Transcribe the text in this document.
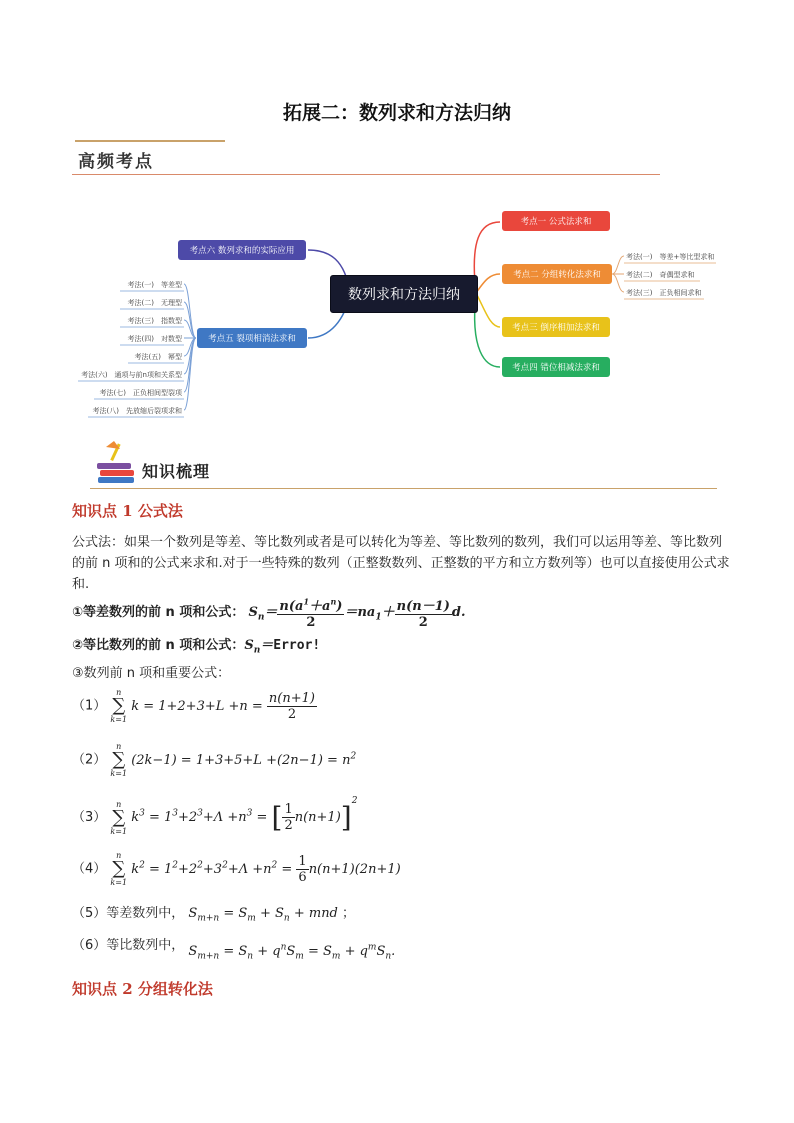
拓展二：数列求和方法归纳
高频考点
数列求和方法归纳
考点一 公式法求和
考点二 分组转化法求和
考点三 倒序相加法求和
考点四 错位相减法求和
考点六 数列求和的实际应用
考点五 裂项相消法求和
考法(一)　等差+等比型求和
考法(二)　奇偶型求和
考法(三)　正负相间求和
考法(一)　等差型
考法(二)　无理型
考法(三)　指数型
考法(四)　对数型
考法(五)　幂型
考法(六)　通项与前n项和关系型
考法(七)　正负相间型裂项
考法(八)　先放缩后裂项求和
知识梳理
知识点 1 公式法
公式法：如果一个数列是等差、等比数列或者是可以转化为等差、等比数列的数列，我们可以运用等差、等比数列的前 n 项和的公式来求和.对于一些特殊的数列（正整数数列、正整数的平方和立方数列等）也可以直接使用公式求和.
①等差数列的前 n 项和公式： $S_n= \frac{n(a^1+a^n)}{2} =na_1+ \frac{n(n-1)}{2} d$.
②等比数列的前 n 项和公式：$S_n=Error$!
③数列前 n 项和重要公式：
（1） n
∑
k=1 $k = 1+2+3+L +n = \frac{n(n+1)}{2}$
（2） n
∑
k=1 $(2k-1) = 1+3+5+L +(2n-1) = n^2$
（3） n
∑
k=1 $k^3 = 1^3+2^3+\Lambda +n^3$ = [ $\frac{1}{2} n(n+1)]^2$
（4） n
∑
k=1 $k^2 = 1^2+2^2+3^2+\Lambda +n^2 = \frac{1}{6} n(n+1)(2n+1)$
（5）等差数列中， $S_{m+n} = S_m + S_n$ + mnd ；
（6）等比数列中， $S_{m+n} = S_n + q^nS_m = S_m + q^mS_n$.
知识点 2 分组转化法
